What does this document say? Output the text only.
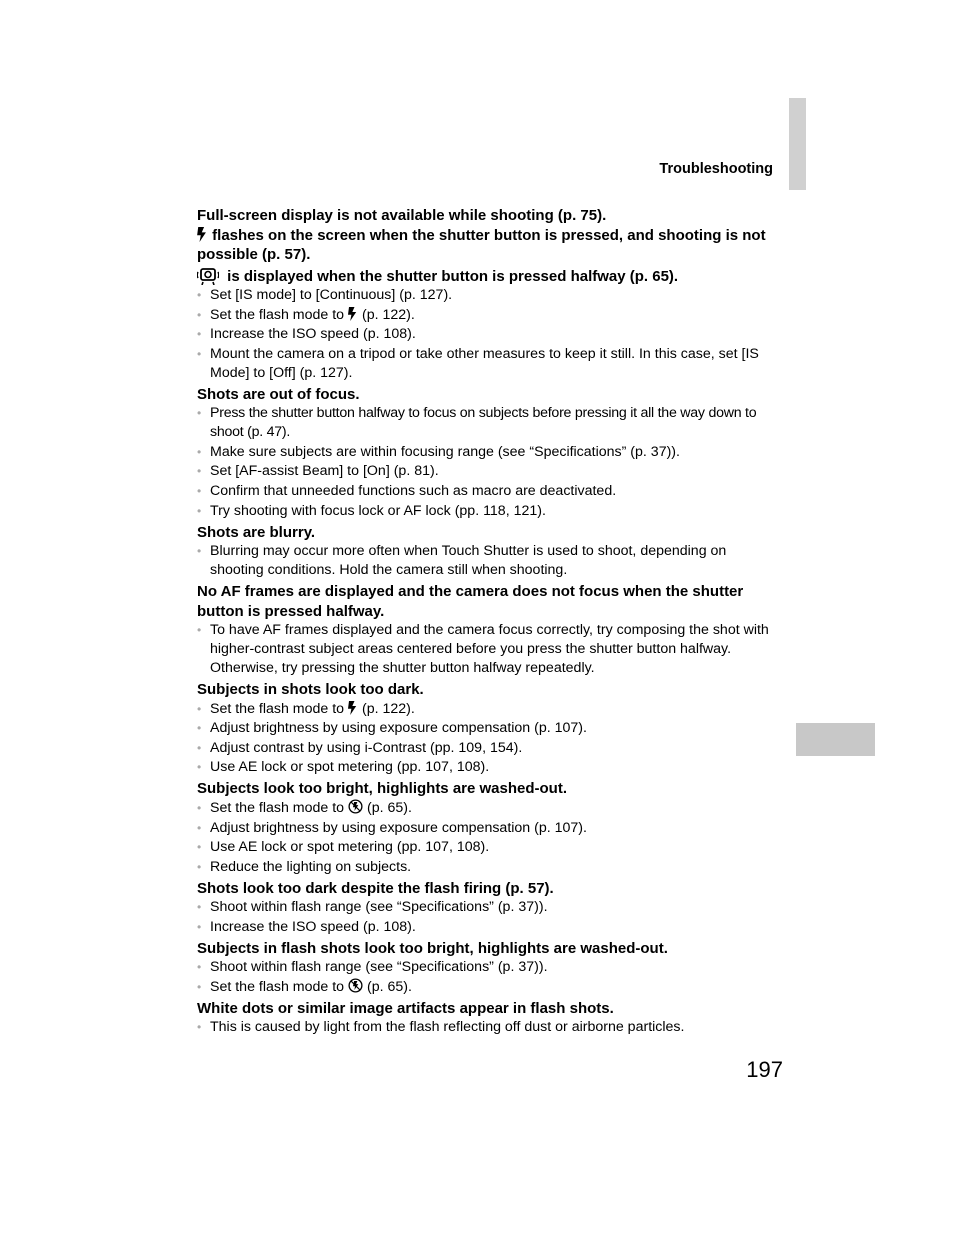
Troubleshooting

Full-screen display is not available while shooting (p. 75).

flashes on the screen when the shutter button is pressed, and shooting is not possible (p. 57).

is displayed when the shutter button is pressed halfway (p. 65).

• Set [IS mode] to [Continuous] (p. 127).
• Set the flash mode to  (p. 122).
• Increase the ISO speed (p. 108).
• Mount the camera on a tripod or take other measures to keep it still. In this case, set [IS Mode] to [Off] (p. 127).

Shots are out of focus.

• Press the shutter button halfway to focus on subjects before pressing it all the way down to shoot (p. 47).
• Make sure subjects are within focusing range (see “Specifications” (p. 37)).
• Set [AF-assist Beam] to [On] (p. 81).
• Confirm that unneeded functions such as macro are deactivated.
• Try shooting with focus lock or AF lock (pp. 118, 121).

Shots are blurry.

• Blurring may occur more often when Touch Shutter is used to shoot, depending on shooting conditions. Hold the camera still when shooting.

No AF frames are displayed and the camera does not focus when the shutter button is pressed halfway.

• To have AF frames displayed and the camera focus correctly, try composing the shot with higher-contrast subject areas centered before you press the shutter button halfway. Otherwise, try pressing the shutter button halfway repeatedly.

Subjects in shots look too dark.

• Set the flash mode to  (p. 122).
• Adjust brightness by using exposure compensation (p. 107).
• Adjust contrast by using i-Contrast (pp. 109, 154).
• Use AE lock or spot metering (pp. 107, 108).

Subjects look too bright, highlights are washed-out.

• Set the flash mode to  (p. 65).
• Adjust brightness by using exposure compensation (p. 107).
• Use AE lock or spot metering (pp. 107, 108).
• Reduce the lighting on subjects.

Shots look too dark despite the flash firing (p. 57).

• Shoot within flash range (see “Specifications” (p. 37)).
• Increase the ISO speed (p. 108).

Subjects in flash shots look too bright, highlights are washed-out.

• Shoot within flash range (see “Specifications” (p. 37)).
• Set the flash mode to  (p. 65).

White dots or similar image artifacts appear in flash shots.

• This is caused by light from the flash reflecting off dust or airborne particles.
197
